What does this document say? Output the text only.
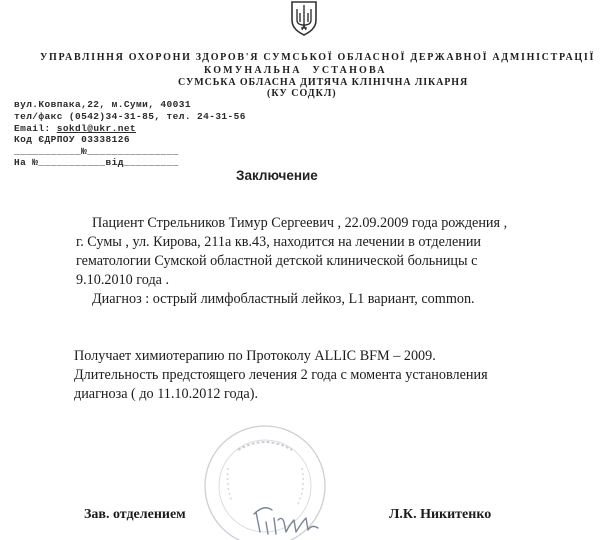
УПРАВЛІННЯ ОХОРОНИ ЗДОРОВ'Я СУМСЬКОЇ ОБЛАСНОЇ ДЕРЖАВНОЇ АДМІНІСТРАЦІЇ
КОМУНАЛЬНА УСТАНОВА
СУМСЬКА ОБЛАСНА ДИТЯЧА КЛІНІЧНА ЛІКАРНЯ
(КУ СОДКЛ)
вул.Ковпака,22, м.Суми, 40031
тел/факс (0542)34-31-85, тел. 24-31-56
Email: sokdl@ukr.net
Код ЄДРПОУ 03338126
___________№_______________
На №___________від_________
Заключение
Пациент Стрельников Тимур Сергеевич , 22.09.2009 года рождения ,
г. Сумы , ул. Кирова, 211а кв.43, находится на лечении в отделении
гематологии Сумской областной детской клинической больницы с
9.10.2010 года .
Диагноз : острый лимфобластный лейкоз, L1 вариант, common.
Получает химиотерапию по Протоколу ALLIC BFM – 2009.
Длительность предстоящего лечения 2 года с момента установления
диагноза ( до 11.10.2012 года).
Зав. отделением	Л.К. Никитенко
